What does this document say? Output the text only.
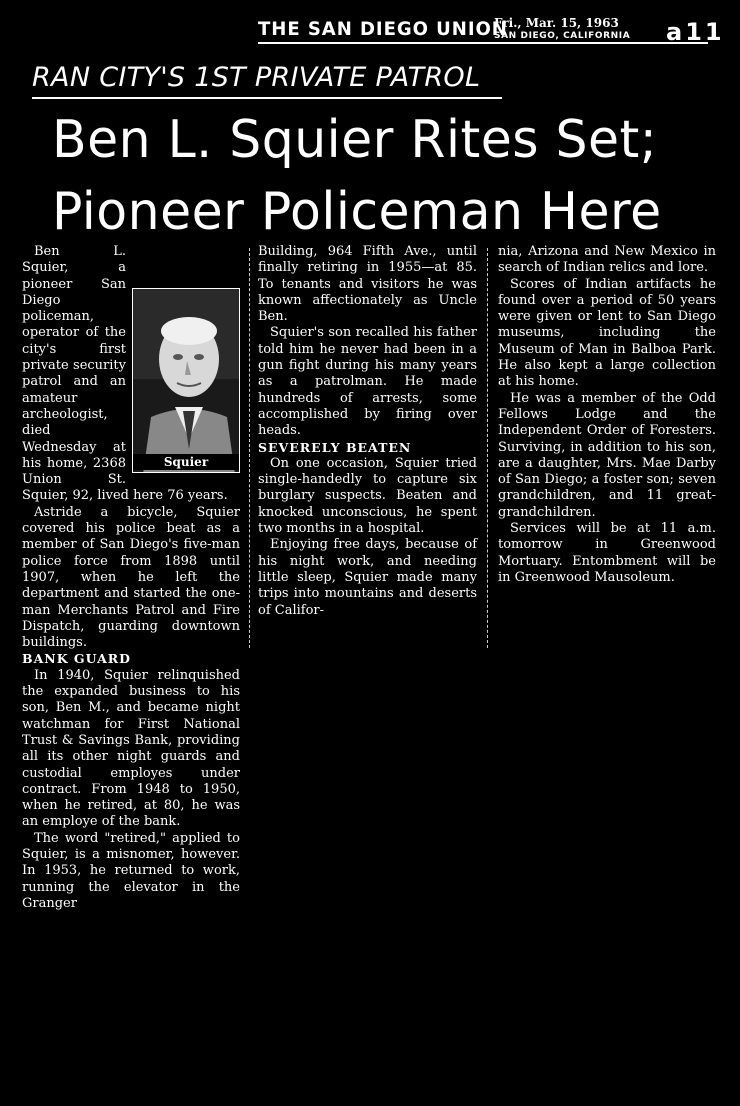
THE SAN DIEGO UNION
Fri., Mar. 15, 1963
SAN DIEGO, CALIFORNIA a11
RAN CITY'S 1ST PRIVATE PATROL
Ben L. Squier Rites Set;
Pioneer Policeman Here
Squier

Ben L. Squier, a pioneer San Diego policeman, operator of the city's first private security patrol and an amateur archeologist, died Wednesday at his home, 2368 Union St. Squier, 92, lived here 76 years.

Astride a bicycle, Squier covered his police beat as a member of San Diego's five-man police force from 1898 until 1907, when he left the department and started the one-man Merchants Patrol and Fire Dispatch, guarding downtown buildings.

BANK GUARD

In 1940, Squier relinquished the expanded business to his son, Ben M., and became night watchman for First National Trust & Savings Bank, providing all its other night guards and custodial employes under contract. From 1948 to 1950, when he retired, at 80, he was an employe of the bank.

The word "retired," applied to Squier, is a misnomer, however. In 1953, he returned to work, running the elevator in the Granger

Building, 964 Fifth Ave., until finally retiring in 1955—at 85. To tenants and visitors he was known affectionately as Uncle Ben.

Squier's son recalled his father told him he never had been in a gun fight during his many years as a patrolman. He made hundreds of arrests, some accomplished by firing over heads.

SEVERELY BEATEN

On one occasion, Squier tried single-handedly to capture six burglary suspects. Beaten and knocked unconscious, he spent two months in a hospital.

Enjoying free days, because of his night work, and needing little sleep, Squier made many trips into mountains and deserts of Califor-

nia, Arizona and New Mexico in search of Indian relics and lore.

Scores of Indian artifacts he found over a period of 50 years were given or lent to San Diego museums, including the Museum of Man in Balboa Park. He also kept a large collection at his home.

He was a member of the Odd Fellows Lodge and the Independent Order of Foresters. Surviving, in addition to his son, are a daughter, Mrs. Mae Darby of San Diego; a foster son; seven grandchildren, and 11 great-grandchildren.

Services will be at 11 a.m. tomorrow in Greenwood Mortuary. Entombment will be in Greenwood Mausoleum.
